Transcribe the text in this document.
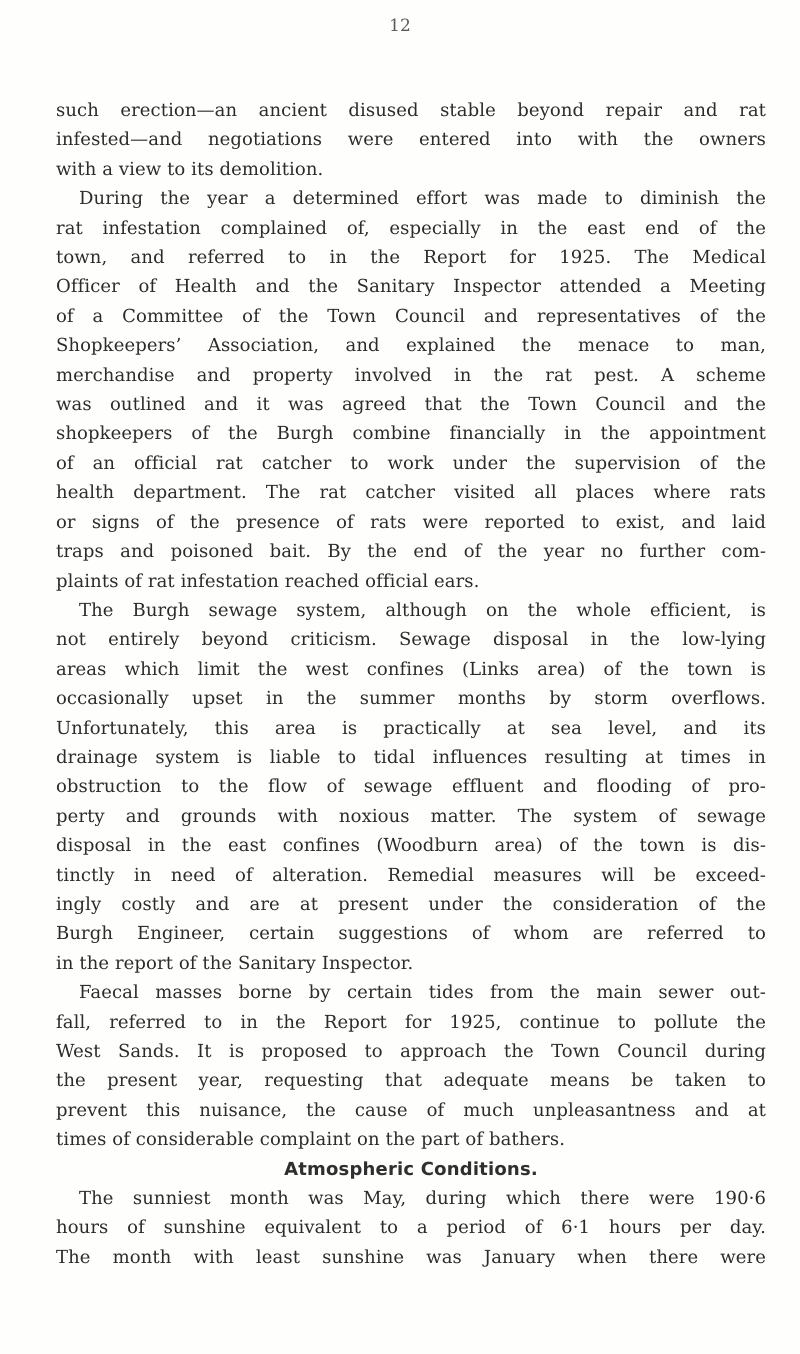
12
such erection—an ancient disused stable beyond repair and rat
infested—and negotiations were entered into with the owners
with a view to its demolition.
During the year a determined effort was made to diminish the
rat infestation complained of, especially in the east end of the
town, and referred to in the Report for 1925. The Medical
Officer of Health and the Sanitary Inspector attended a Meeting
of a Committee of the Town Council and representatives of the
Shopkeepers’ Association, and explained the menace to man,
merchandise and property involved in the rat pest. A scheme
was outlined and it was agreed that the Town Council and the
shopkeepers of the Burgh combine financially in the appointment
of an official rat catcher to work under the supervision of the
health department. The rat catcher visited all places where rats
or signs of the presence of rats were reported to exist, and laid
traps and poisoned bait. By the end of the year no further com-
plaints of rat infestation reached official ears.
The Burgh sewage system, although on the whole efficient, is
not entirely beyond criticism. Sewage disposal in the low-lying
areas which limit the west confines (Links area) of the town is
occasionally upset in the summer months by storm overflows.
Unfortunately, this area is practically at sea level, and its
drainage system is liable to tidal influences resulting at times in
obstruction to the flow of sewage effluent and flooding of pro-
perty and grounds with noxious matter. The system of sewage
disposal in the east confines (Woodburn area) of the town is dis-
tinctly in need of alteration. Remedial measures will be exceed-
ingly costly and are at present under the consideration of the
Burgh Engineer, certain suggestions of whom are referred to
in the report of the Sanitary Inspector.
Faecal masses borne by certain tides from the main sewer out-
fall, referred to in the Report for 1925, continue to pollute the
West Sands. It is proposed to approach the Town Council during
the present year, requesting that adequate means be taken to
prevent this nuisance, the cause of much unpleasantness and at
times of considerable complaint on the part of bathers.
Atmospheric Conditions.
The sunniest month was May, during which there were 190·6
hours of sunshine equivalent to a period of 6·1 hours per day.
The month with least sunshine was January when there were
